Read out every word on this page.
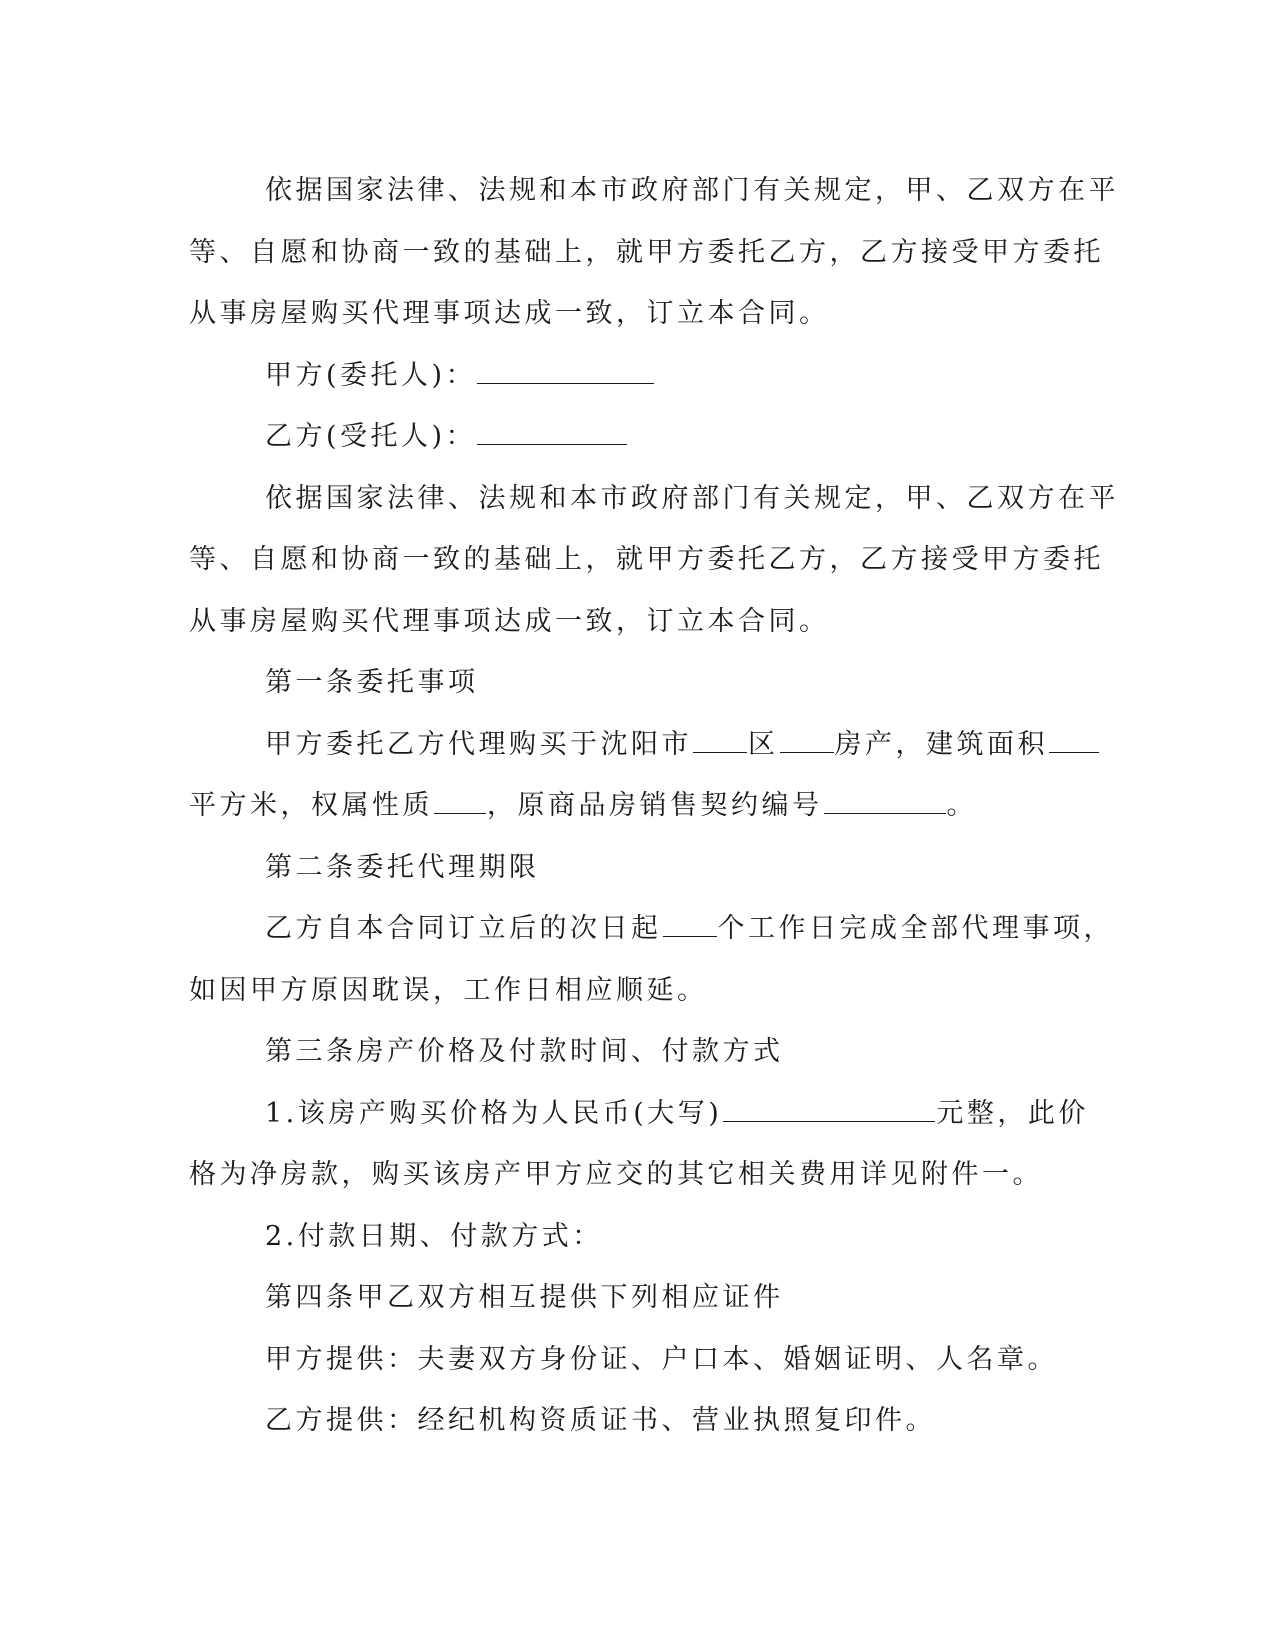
依据国家法律、法规和本市政府部门有关规定，甲、乙双方在平
等、自愿和协商一致的基础上，就甲方委托乙方，乙方接受甲方委托
从事房屋购买代理事项达成一致，订立本合同。
甲方(委托人)：
乙方(受托人)：
依据国家法律、法规和本市政府部门有关规定，甲、乙双方在平
等、自愿和协商一致的基础上，就甲方委托乙方，乙方接受甲方委托
从事房屋购买代理事项达成一致，订立本合同。
第一条委托事项
甲方委托乙方代理购买于沈阳市 区 房产，建筑面积
平方米，权属性质 ，原商品房销售契约编号	。
第二条委托代理期限
乙方自本合同订立后的次日起 个工作日完成全部代理事项，
如因甲方原因耽误，工作日相应顺延。
第三条房产价格及付款时间、付款方式
1.该房产购买价格为人民币(大写)	元整，此价
格为净房款，购买该房产甲方应交的其它相关费用详见附件一。
2.付款日期、付款方式：
第四条甲乙双方相互提供下列相应证件
甲方提供：夫妻双方身份证、户口本、婚姻证明、人名章。
乙方提供：经纪机构资质证书、营业执照复印件。
